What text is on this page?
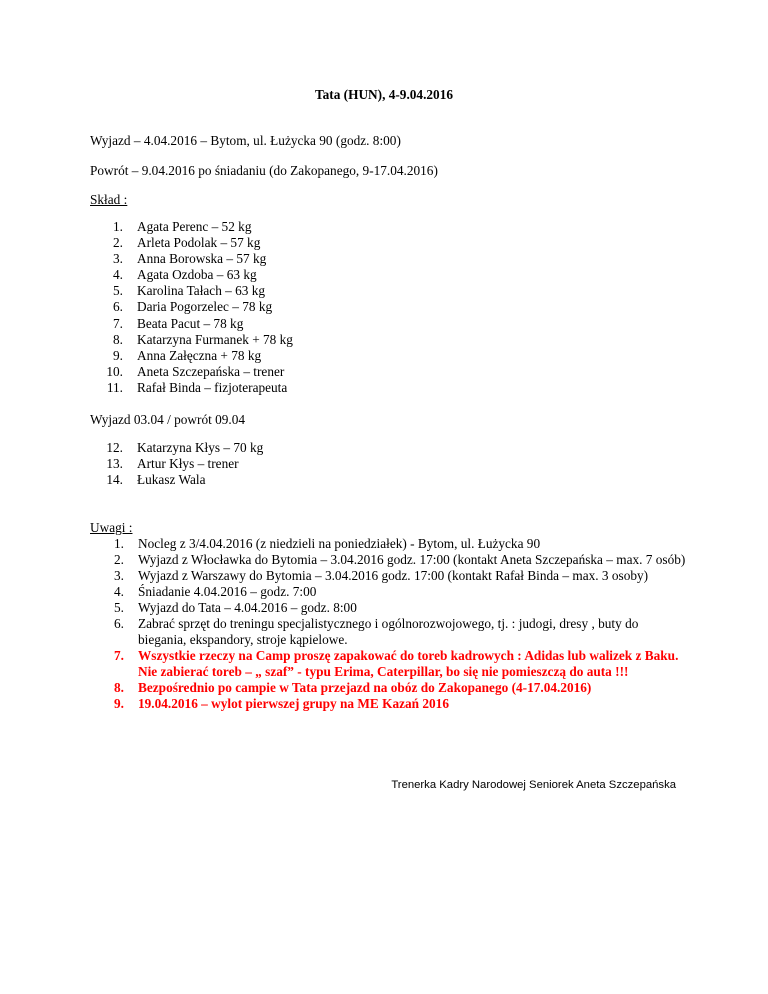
Tata (HUN), 4-9.04.2016
Wyjazd – 4.04.2016 – Bytom, ul. Łużycka 90 (godz. 8:00)
Powrót – 9.04.2016 po śniadaniu (do Zakopanego, 9-17.04.2016)
Skład :
1. Agata Perenc – 52 kg
2. Arleta Podolak – 57 kg
3. Anna Borowska – 57 kg
4. Agata Ozdoba – 63 kg
5. Karolina Tałach – 63 kg
6. Daria Pogorzelec – 78 kg
7. Beata Pacut – 78 kg
8. Katarzyna Furmanek + 78 kg
9. Anna Załęczna + 78 kg
10. Aneta Szczepańska – trener
11. Rafał Binda – fizjoterapeuta
Wyjazd 03.04 / powrót 09.04
12. Katarzyna Kłys – 70 kg
13. Artur Kłys – trener
14. Łukasz Wala
Uwagi :
1. Nocleg z 3/4.04.2016 (z niedzieli na poniedziałek) - Bytom, ul. Łużycka 90
2. Wyjazd z Włocławka do Bytomia – 3.04.2016 godz. 17:00 (kontakt Aneta Szczepańska – max. 7 osób)
3. Wyjazd z Warszawy do Bytomia – 3.04.2016 godz. 17:00 (kontakt Rafał Binda – max. 3 osoby)
4. Śniadanie 4.04.2016 – godz. 7:00
5. Wyjazd do Tata – 4.04.2016 – godz. 8:00
6. Zabrać sprzęt do treningu specjalistycznego i ogólnorozwojowego, tj. : judogi, dresy , buty do biegania, ekspandory, stroje kąpielowe.
7. Wszystkie rzeczy na Camp proszę zapakować do toreb kadrowych : Adidas lub walizek z Baku. Nie zabierać toreb – „ szaf” - typu Erima, Caterpillar, bo się nie pomieszczą do auta !!!
8. Bezpośrednio po campie w Tata przejazd na obóz do Zakopanego (4-17.04.2016)
9. 19.04.2016 – wylot pierwszej grupy na ME Kazań 2016
Trenerka Kadry Narodowej Seniorek Aneta Szczepańska
